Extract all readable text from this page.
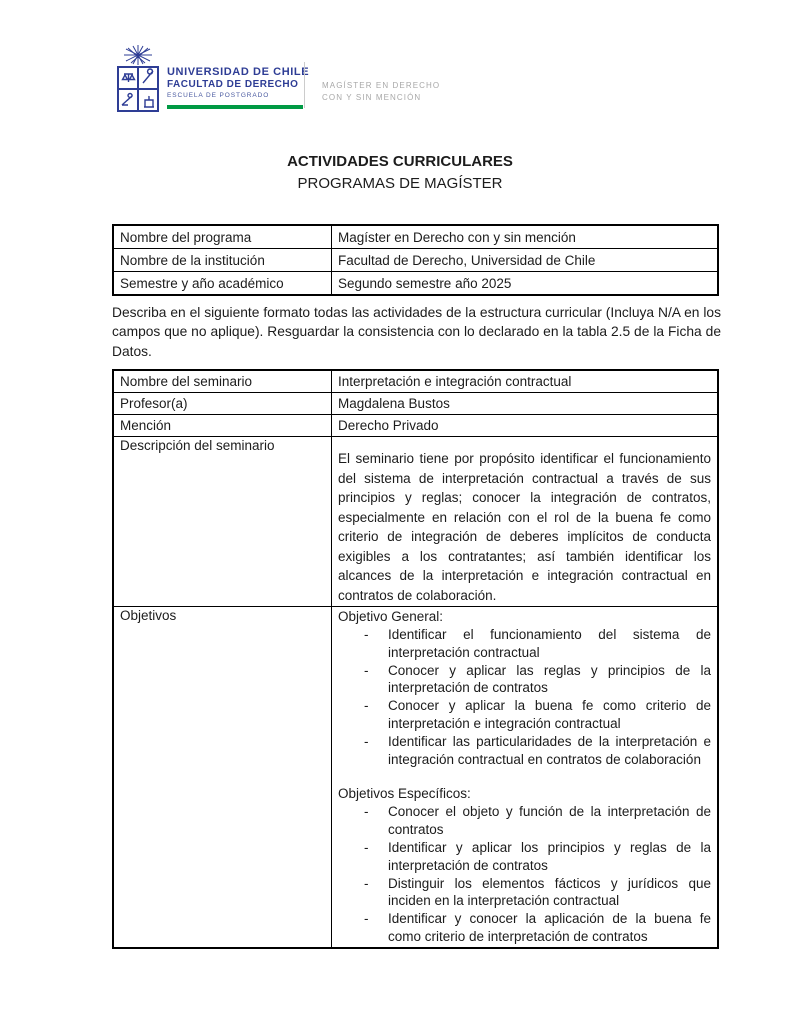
UNIVERSIDAD DE CHILE
FACULTAD DE DERECHO
ESCUELA DE POSTGRADO
MAGÍSTER EN DERECHO
CON Y SIN MENCIÓN
ACTIVIDADES CURRICULARES
PROGRAMAS DE MAGÍSTER
Nombre del programa	Magíster en Derecho con y sin mención
Nombre de la institución	Facultad de Derecho, Universidad de Chile
Semestre y año académico	Segundo semestre año 2025
Describa en el siguiente formato todas las actividades de la estructura curricular (Incluya N/A en los campos que no aplique). Resguardar la consistencia con lo declarado en la tabla 2.5 de la Ficha de Datos.
Nombre del seminario	Interpretación e integración contractual
Profesor(a)	Magdalena Bustos
Mención	Derecho Privado
Descripción del seminario	El seminario tiene por propósito identificar el funcionamiento del sistema de interpretación contractual a través de sus principios y reglas; conocer la integración de contratos, especialmente en relación con el rol de la buena fe como criterio de integración de deberes implícitos de conducta exigibles a los contratantes; así también identificar los alcances de la interpretación e integración contractual en contratos de colaboración.

Objetivos	Objetivo General:
- Identificar el funcionamiento del sistema de interpretación contractual
- Conocer y aplicar las reglas y principios de la interpretación de contratos
- Conocer y aplicar la buena fe como criterio de interpretación e integración contractual
- Identificar las particularidades de la interpretación e integración contractual en contratos de colaboración
Objetivos Específicos:
- Conocer el objeto y función de la interpretación de contratos
- Identificar y aplicar los principios y reglas de la interpretación de contratos
- Distinguir los elementos fácticos y jurídicos que inciden en la interpretación contractual
- Identificar y conocer la aplicación de la buena fe como criterio de interpretación de contratos
